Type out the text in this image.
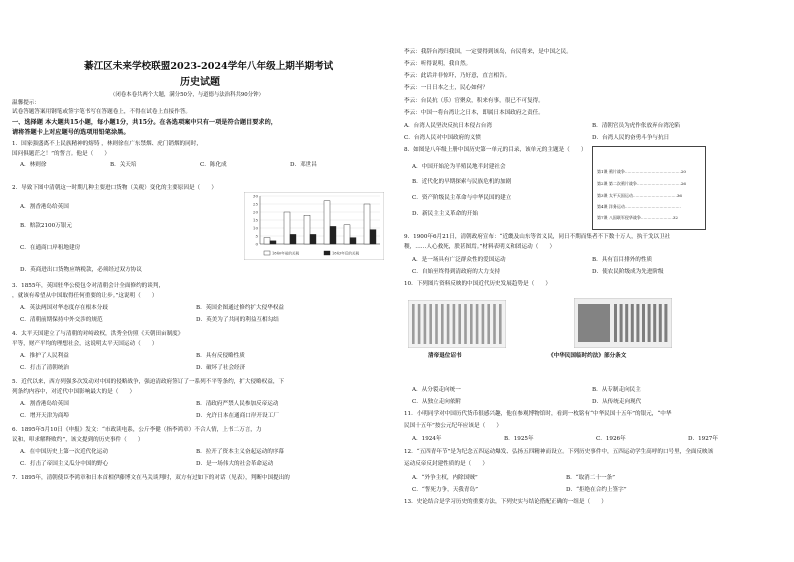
綦江区未来学校联盟2023-2024学年八年级上期半期考试
历史试题
（闭卷本卷共两个大题，满分50分，与道德与法治科共90分钟）
温馨提示：
试卷答题答案用钢笔或签字笔书写在答题卷上，不得在试卷上直接作答。
一、选择题 本大题共15小题，每小题1分，共15分。在各选项案中只有一项是符合题目要求的，
请将答题卡上对应题号的选项用铅笔涂黑。
1．国家强盛离不上民族精神的熔铸 ，林则徐在广东禁烟、虎门销烟的同时，
国问俱题茫之！”的誓言。他是（　　）
A．林则徐	B．关天培	C．陈化成	D．邓世昌
2．导致下图中清朝这一时期几种主要进口货物（关税）变化的主要原因是（　　）
A．割香港岛给英国
B．赔款2100万银元
C．在通商口岸租地建房
D．英商进出口货物应纳税款，必须经过双方协议
30
25
20
15
10
5
0
1840年前的关税	1843年后的关税
3．1855年，英国驻华公使包令对清朝会计全面修约的谈判，
，就该有希望从中国取得任何重要的让步。”这说明（　　）
A．英法两国对华态度存在根本分歧	B．英国企图通过修约扩大侵华权益
C．清朝前期保持中外交涉的规范	D．英美为了共同的利益互相勾结
4．太平天国建立了与清朝的对峙政权，洪秀全仿照《天朝田亩制度》
平等，财产平均的理想社会，这说明太平天国运动（　　）
A．推护了人民利益	B．具有反侵略性质
C．打击了清朝统治	D．破坏了社会经济
5．近代以来，西方列强多次发动对中国的侵略战争，强迫清政府签订了一系列不平等条约，扩大侵略权益，下
列条约内容中，对近代中国影响最大的是（　　）
A．割香港岛给英国	B．清政府严禁人民参加反帝运动
C．增开天津为商埠	D．允许日本在通商口岸开设工厂
6．1895年5月10日《申报》发文：“市政读电系，公斤李健（指李鸿章）不合人情，上书二万言，力
议和，叩求解释败约”，该文提到的历史事件（　　）
A．在中国历史上第一次近代化运动	B．拉开了资本主义奋起运动的序幕
C．打击了帝国主义瓜分中国的野心	D．是一场伟大的社会革命运动
7．1895年，清朝使臣李鸿章和日本首相伊藤博文在马关谈判时，双方有过如下的对话（见表），判断中国提出的
李云：我辞台湾归我国，一定要得到该岛，台民将来，是中国之民。
李云：听得说明，我自然。
李云：此话并非惊吓，乃好意，直言相告。
李云：一日日本之土，民心如何？
李云：台民抗（乐）官聚众，积来有事，很已不可复得。
李云：中国一将台湾让之日本，即属日本国政府之责任。
A．台湾人民坚决反抗日本侵占台湾	B．清朝官员为虎作伥放弃台湾沦陷
C．台湾人民对中国政府的义愤	D．台湾人民的奋勇斗争与抗日
8．如图是八年级上册中国历史第一单元的目录，该单元的主题是（　　）
A．中国开始沦为半殖民地半封建社会
B．近代化的早期探索与民族危机的加剧
C．资产阶级民主革命与中华民国的建立
D．新民主主义革命的开始
第1课 鸦片战争……………………………………20
第2课 第二次鸦片战争……………………………26
第3课 太平天国运动……………………………36
第4课 洋务运动……………………………………
第7课 八国联军侵华战争……………………32
9．1900年6月21日，清朝政府宣布：“近畿及山东等省义民，同日不期而集者不下数十万人，执干戈以卫社
稷，……人心救死，朕甚图焉。”材料表明义和团运动（　　）
A．是一场具有广泛群众性的爱国运动	B．具有盲目排外的性质
C．自始至终得到清政府的大力支持	D．使农民阶级成为先进阶级
10．下列图片资料反映的中国近代历史发展趋势是（　　）
清帝退位诏书	《中华民国临时约法》部分条文
A．从分裂走向统一	B．从专制走向民主
C．从独立走向依附	D．从传统走向现代
11．小明同学对中国历代货币很感兴趣，他在参观博物馆时，看到一枚铭有“中华民国十五年”的银元，“中华
民国十五年”按公元纪年应该是（　　）
A．1924年	B．1925年	C．1926年	D．1927年
12．“五四青年节”是为纪念五四运动爆发、弘扬五四精神而设立。下列历史事件中，五四运动学生高呼的口号里，全面反映该
运动反帝反封建性质的是（　　）
A．“外争主权，内除国贼”	B．“取消二十一条”
C．“誓死力争，天我青岛”	D．“拒绝在合约上签字”
13．史论结合是学习历史的重要方法，下列史实与结论搭配正确的一组是（　　）
